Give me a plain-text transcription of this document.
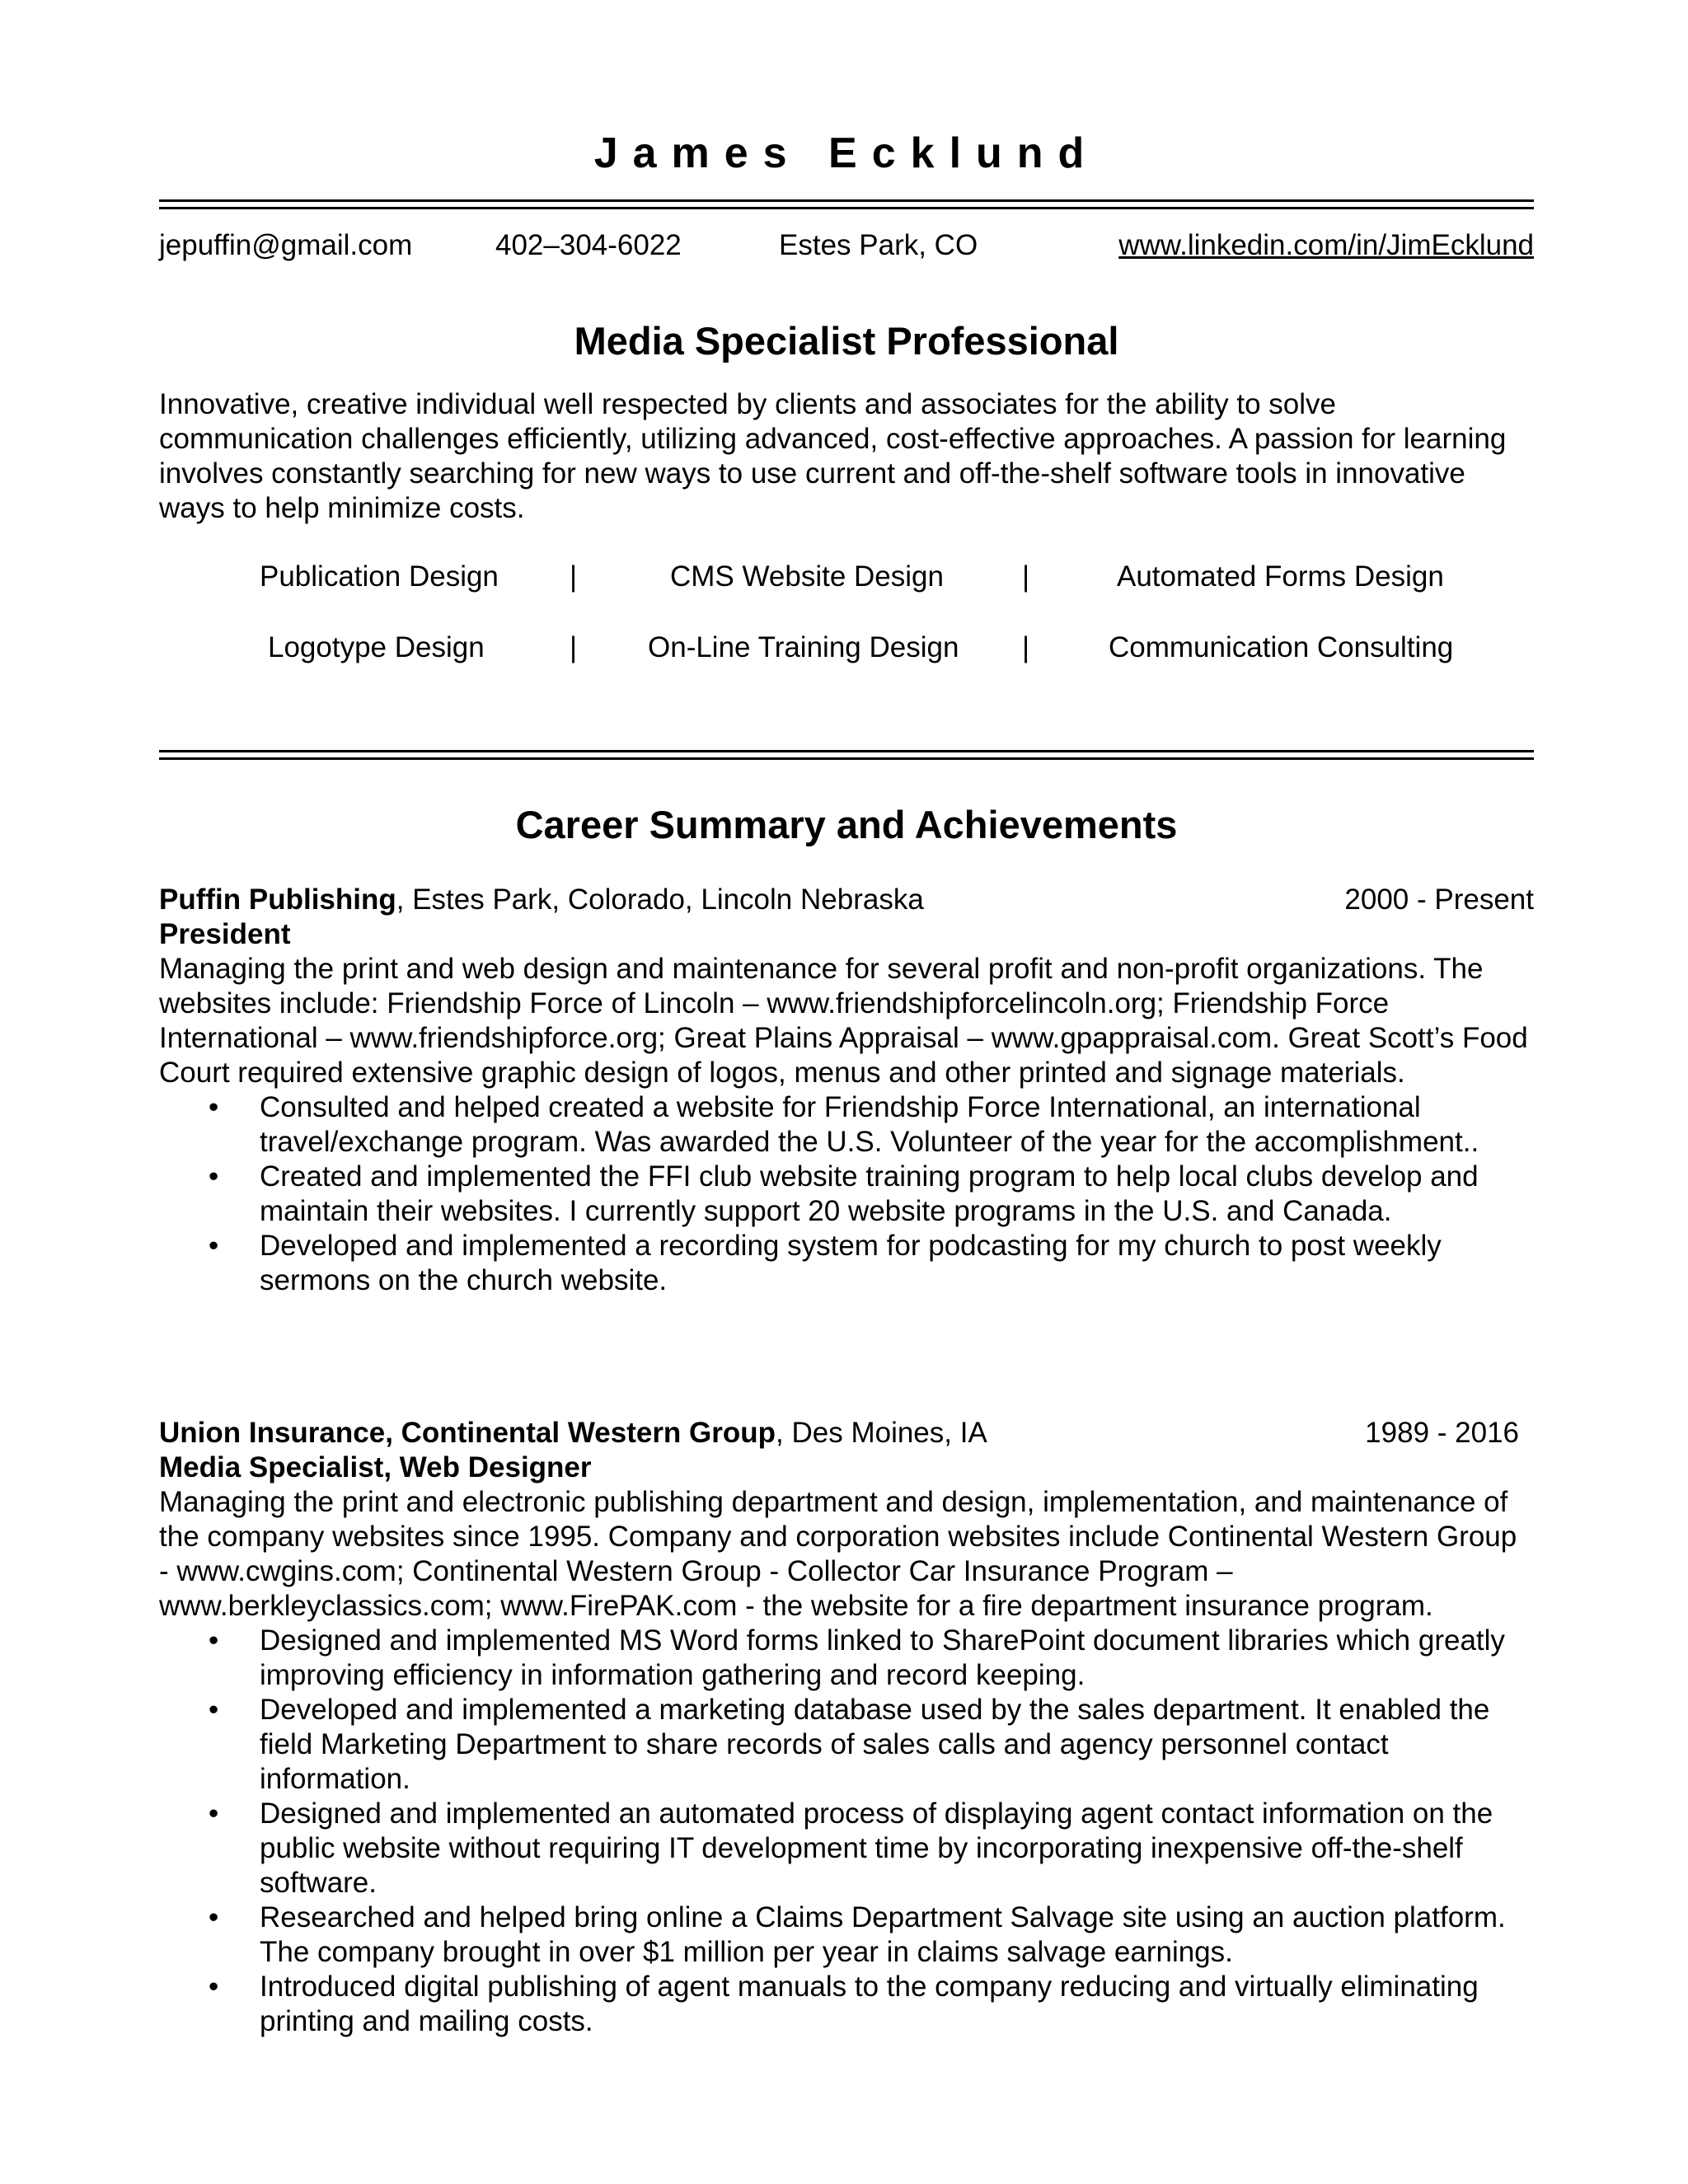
James Ecklund
jepuffin@gmail.com	402–304-6022	Estes Park, CO	www.linkedin.com/in/JimEcklund
Media Specialist Professional
Innovative, creative individual well respected by clients and associates for the ability to solve communication challenges efficiently, utilizing advanced, cost-effective approaches. A passion for learning involves constantly searching for new ways to use current and off-the-shelf software tools in innovative ways to help minimize costs.
Publication Design |	CMS Website Design	|	Automated Forms Design
Logotype Design	| On-Line Training Design |	Communication Consulting
Career Summary and Achievements
Puffin Publishing, Estes Park, Colorado, Lincoln Nebraska	2000 - Present
President

Managing the print and web design and maintenance for several profit and non-profit organizations. The websites include: Friendship Force of Lincoln – www.friendshipforcelincoln.org; Friendship Force International – www.friendshipforce.org; Great Plains Appraisal – www.gpappraisal.com. Great Scott’s Food Court required extensive graphic design of logos, menus and other printed and signage materials.

• Consulted and helped created a website for Friendship Force International, an international travel/exchange program. Was awarded the U.S. Volunteer of the year for the accomplishment..
• Created and implemented the FFI club website training program to help local clubs develop and maintain their websites. I currently support 20 website programs in the U.S. and Canada.
• Developed and implemented a recording system for podcasting for my church to post weekly sermons on the church website.
Union Insurance, Continental Western Group, Des Moines, IA	1989 - 2016
Media Specialist, Web Designer

Managing the print and electronic publishing department and design, implementation, and maintenance of the company websites since 1995. Company and corporation websites include Continental Western Group - www.cwgins.com; Continental Western Group - Collector Car Insurance Program – www.berkleyclassics.com; www.FirePAK.com - the website for a fire department insurance program.

• Designed and implemented MS Word forms linked to SharePoint document libraries which greatly improving efficiency in information gathering and record keeping.
• Developed and implemented a marketing database used by the sales department. It enabled the field Marketing Department to share records of sales calls and agency personnel contact information.
• Designed and implemented an automated process of displaying agent contact information on the public website without requiring IT development time by incorporating inexpensive off-the-shelf software.
• Researched and helped bring online a Claims Department Salvage site using an auction platform. The company brought in over $1 million per year in claims salvage earnings.
• Introduced digital publishing of agent manuals to the company reducing and virtually eliminating printing and mailing costs.
